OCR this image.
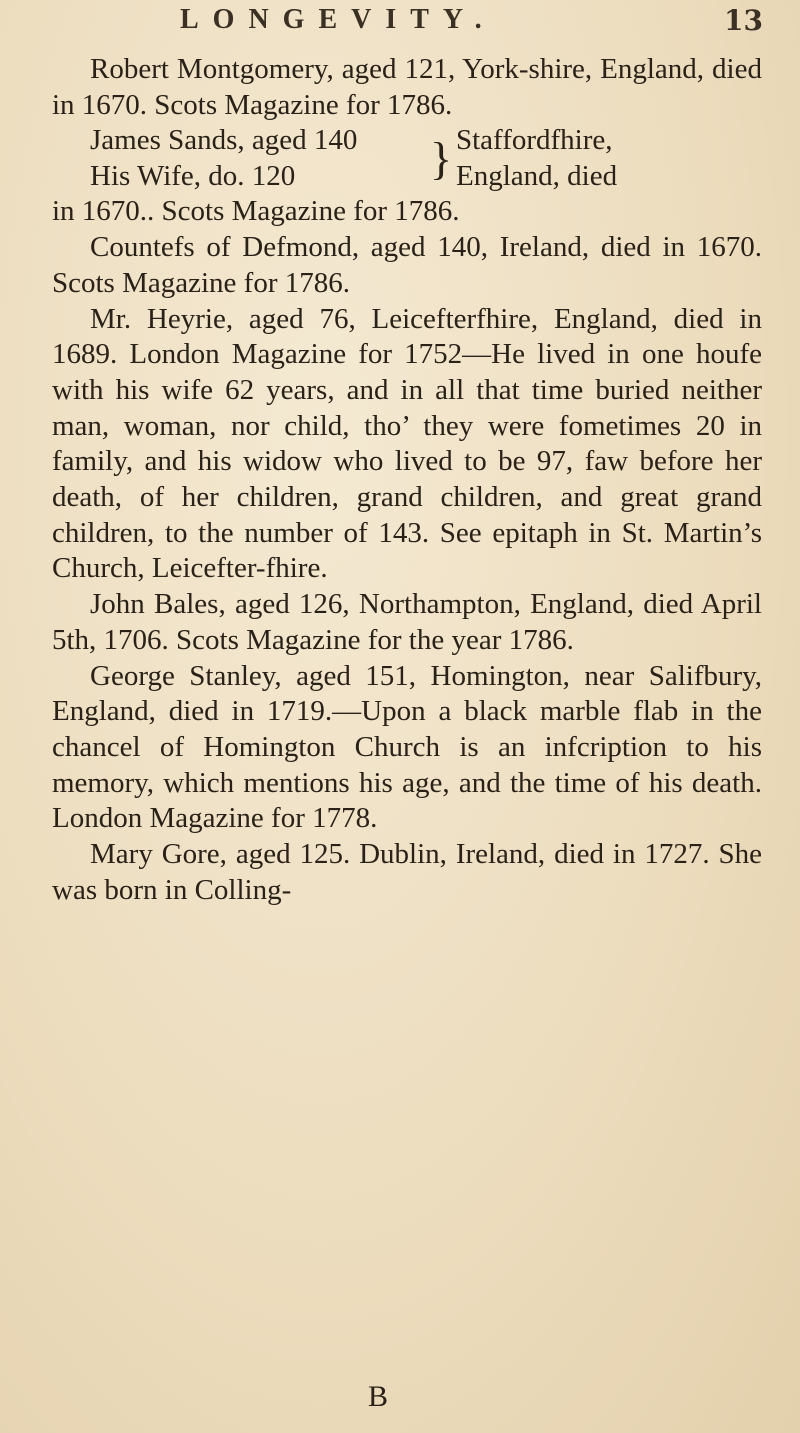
LONGEVITY.	13

Robert Montgomery, aged 121, York-shire, England, died in 1670. Scots Magazine for 1786.

James Sands, aged 140
His Wife, do. 120	} Staffordfhire,
England, died

in 1670.. Scots Magazine for 1786.

Countefs of Defmond, aged 140, Ireland, died in 1670. Scots Magazine for 1786.

Mr. Heyrie, aged 76, Leicefterfhire, England, died in 1689. London Magazine for 1752—He lived in one houfe with his wife 62 years, and in all that time buried neither man, woman, nor child, tho’ they were fometimes 20 in family, and his widow who lived to be 97, faw before her death, of her children, grand children, and great grand children, to the number of 143. See epitaph in St. Martin’s Church, Leicefter-fhire.

John Bales, aged 126, Northampton, England, died April 5th, 1706. Scots Magazine for the year 1786.

George Stanley, aged 151, Homington, near Salifbury, England, died in 1719.—Upon a black marble flab in the chancel of Homington Church is an infcription to his memory, which mentions his age, and the time of his death. London Magazine for 1778.

Mary Gore, aged 125. Dublin, Ireland, died in 1727. She was born in Colling-

B
